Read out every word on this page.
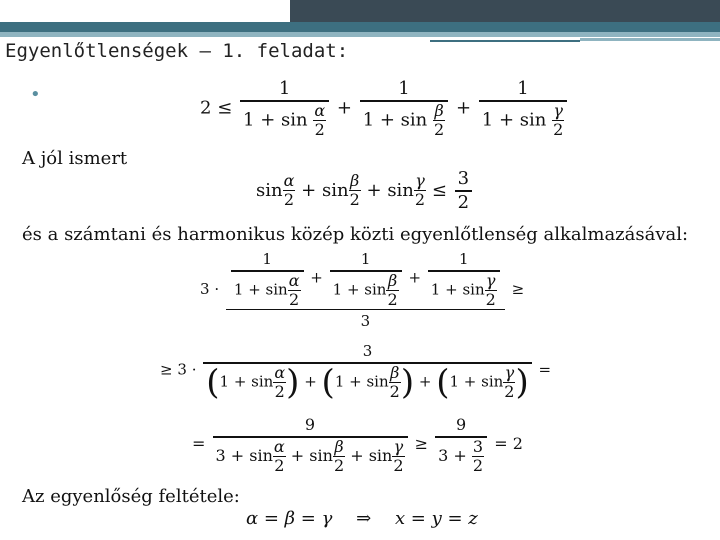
Egyenlőtlenségek – 1. feladat:
•
$2 \le \frac{1}{1 + \sin \frac{\alpha}{2}} + \frac{1}{1 + \sin \frac{\beta}{2}} + \frac{1}{1 + \sin \frac{\gamma}{2}}$
A jól ismert
$\sin \frac{\alpha}{2} + \sin \frac{\beta}{2} + \sin \frac{\gamma}{2} \le \frac{3}{2}$
és a számtani és harmonikus közép közti egyenlőtlenség alkalmazásával:
$3 \cdot \frac{\frac{1}{1 + \sin \frac{\alpha}{2}} + \frac{1}{1 + \sin \frac{\beta}{2}} + \frac{1}{1 + \sin \frac{\gamma}{2}}}{3}$ ≥
≥ 3 ·
3
($1 + \sin \frac{\alpha}{2}$ ) + ($1 + \sin \frac{\beta}{2}$ ) + ($1 + \sin \frac{\gamma}{2}$ ) =
= $\frac{9}{3 + \sin \frac{\alpha}{2} + \sin \frac{\beta}{2} + \sin \frac{\gamma}{2}} \ge \frac{9}{3 + \frac{3}{2}} = 2$
Az egyenlőség feltétele:
α = β = γ ⇒ x = y = z
